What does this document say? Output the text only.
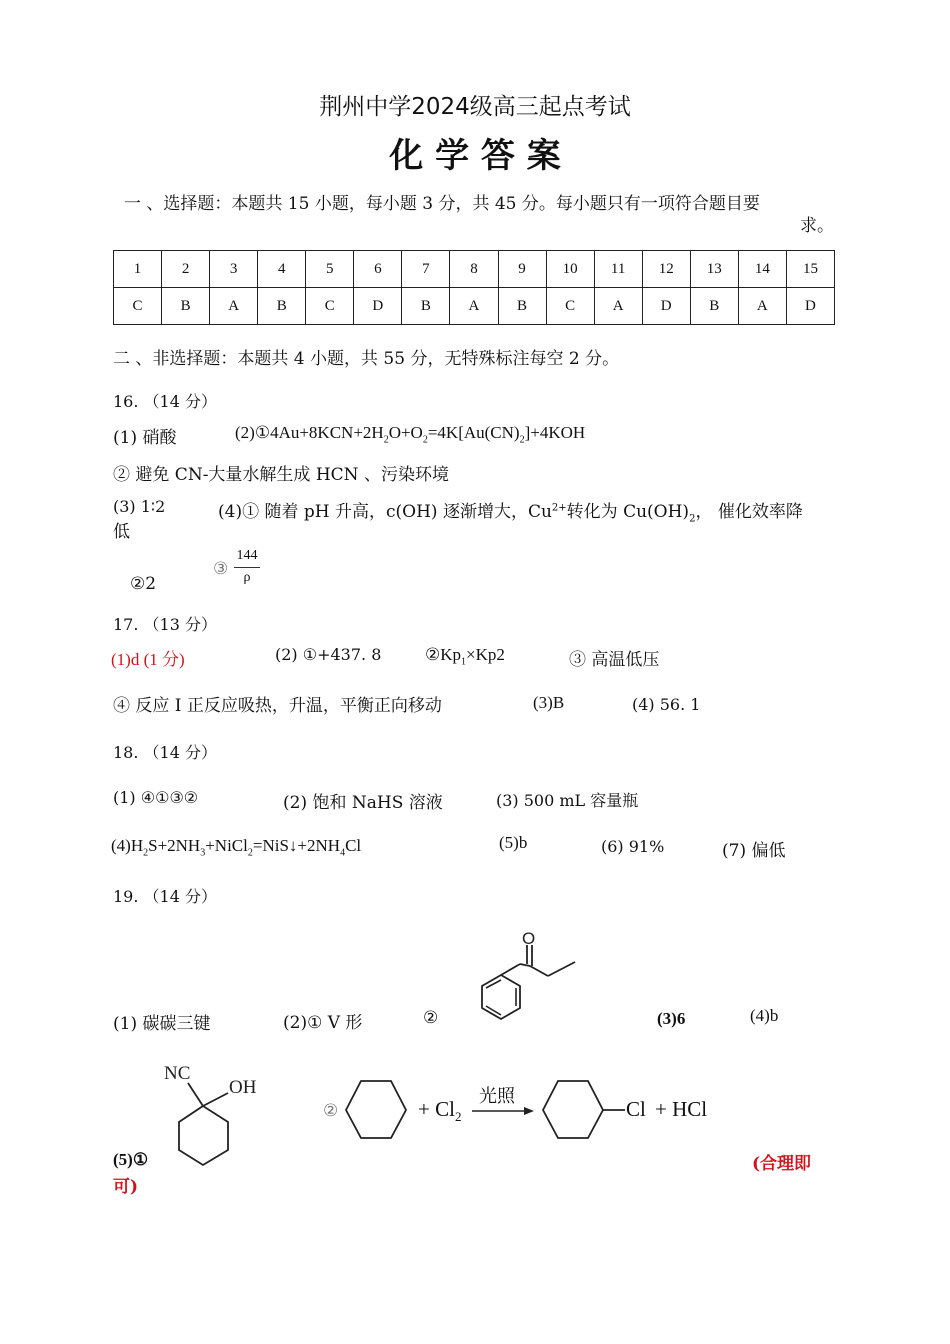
荆州中学2024级高三起点考试
化 学 答 案
一 、选择题：本题共 15 小题，每小题 3 分，共 45 分。每小题只有一项符合题目要
求。
1	2	3	4	5	6	7	8	9	10	11	12	13	14	15
C	B	A	B	C	D	B	A	B	C	A	D	B	A	D
二 、非选择题：本题共 4 小题，共 55 分，无特殊标注每空 2 分。
16. （14 分）
(1) 硝酸	$(2)①4Au+8KCN+2H_2O+O_2=4K[Au(CN)_2]+4KOH$
② 避免 CN-大量水解生成 HCN 、污染环境
(3) 1∶2	(4)① 随着 pH 升高，c(OH) 逐渐增大，$Cu^{2+}$转化为 $Cu(OH)_2$， 催化效率降
低
②2
③
144
ρ
17. （13 分）
(1)d (1 分)	(2) ①+437. 8	$②Kp_1\times Kp2$	③ 高温低压
④ 反应 I 正反应吸热，升温，平衡正向移动	(3)B	(4) 56. 1
18. （14 分）
(1) ④①③②	(2) 饱和 NaHS 溶液	(3) 500 mL 容量瓶
$(4)H_2S+2NH_3+NiCl_2=NiS↓+2NH_4Cl$	(5)b	(6) 91%	(7) 偏低
19. （14 分）
(1) 碳碳三键	(2)① V 形	②
O
(3)6	(4)b
NC
OH
②	+ $Cl_2$
光照
Cl + HCl
(5)①	(合理即
可)
